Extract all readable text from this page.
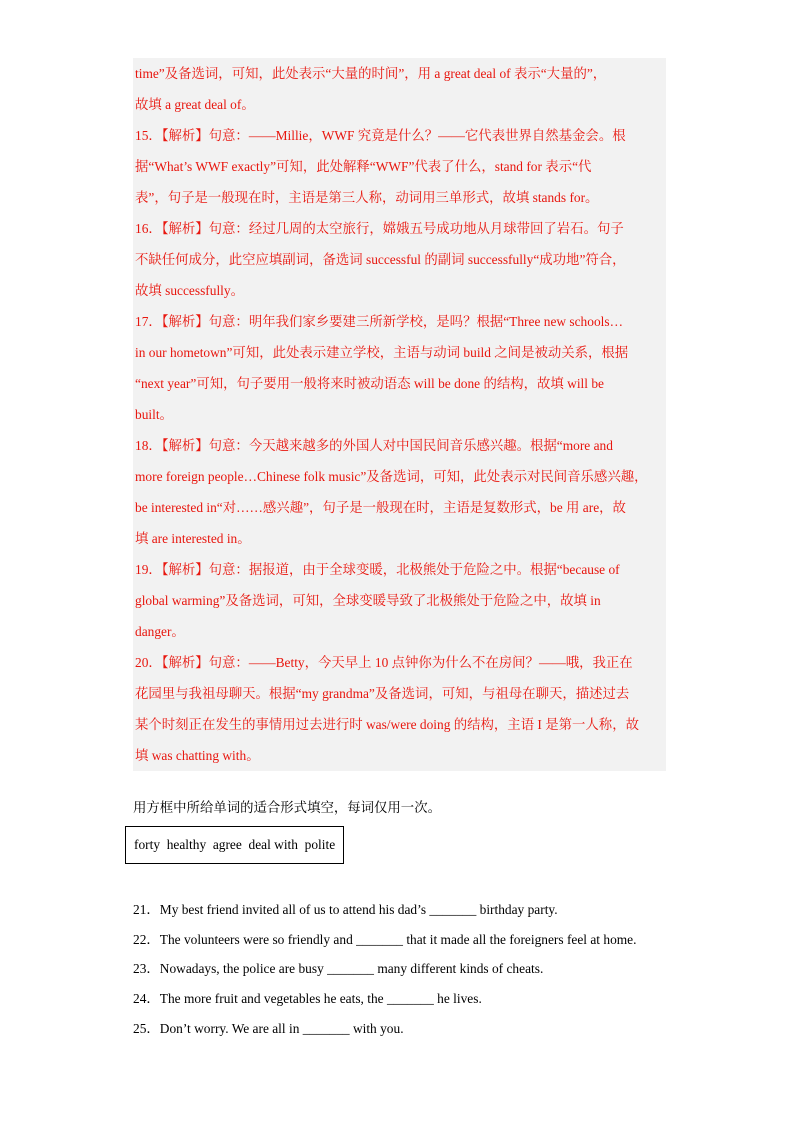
time”及备选词，可知，此处表示“大量的时间”，用 a great deal of 表示“大量的”，
故填 a great deal of。
15．【解析】句意：——Millie，WWF 究竟是什么？——它代表世界自然基金会。根
据“What’s WWF exactly”可知，此处解释“WWF”代表了什么，stand for 表示“代
表”，句子是一般现在时，主语是第三人称，动词用三单形式，故填 stands for。
16．【解析】句意：经过几周的太空旅行，嫦娥五号成功地从月球带回了岩石。句子
不缺任何成分，此空应填副词，备选词 successful 的副词 successfully“成功地”符合，
故填 successfully。
17．【解析】句意：明年我们家乡要建三所新学校，是吗？根据“Three new schools…
in our hometown”可知，此处表示建立学校，主语与动词 build 之间是被动关系，根据
“next year”可知，句子要用一般将来时被动语态 will be done 的结构，故填 will be
built。
18．【解析】句意：今天越来越多的外国人对中国民间音乐感兴趣。根据“more and
more foreign people…Chinese folk music”及备选词，可知，此处表示对民间音乐感兴趣，
be interested in“对……感兴趣”，句子是一般现在时，主语是复数形式，be 用 are，故
填 are interested in。
19．【解析】句意：据报道，由于全球变暖，北极熊处于危险之中。根据“because of
global warming”及备选词，可知，全球变暖导致了北极熊处于危险之中，故填 in
danger。
20．【解析】句意：——Betty，今天早上 10 点钟你为什么不在房间？——哦，我正在
花园里与我祖母聊天。根据“my grandma”及备选词，可知，与祖母在聊天，描述过去
某个时刻正在发生的事情用过去进行时 was/were doing 的结构，主语 I 是第一人称，故
填 was chatting with。

用方框中所给单词的适合形式填空，每词仅用一次。
forty  healthy  agree  deal with  polite
21．My best friend invited all of us to attend his dad’s _______ birthday party.
22．The volunteers were so friendly and _______ that it made all the foreigners feel at home.
23．Nowadays, the police are busy _______ many different kinds of cheats.
24．The more fruit and vegetables he eats, the _______ he lives.
25．Don’t worry. We are all in _______ with you.
